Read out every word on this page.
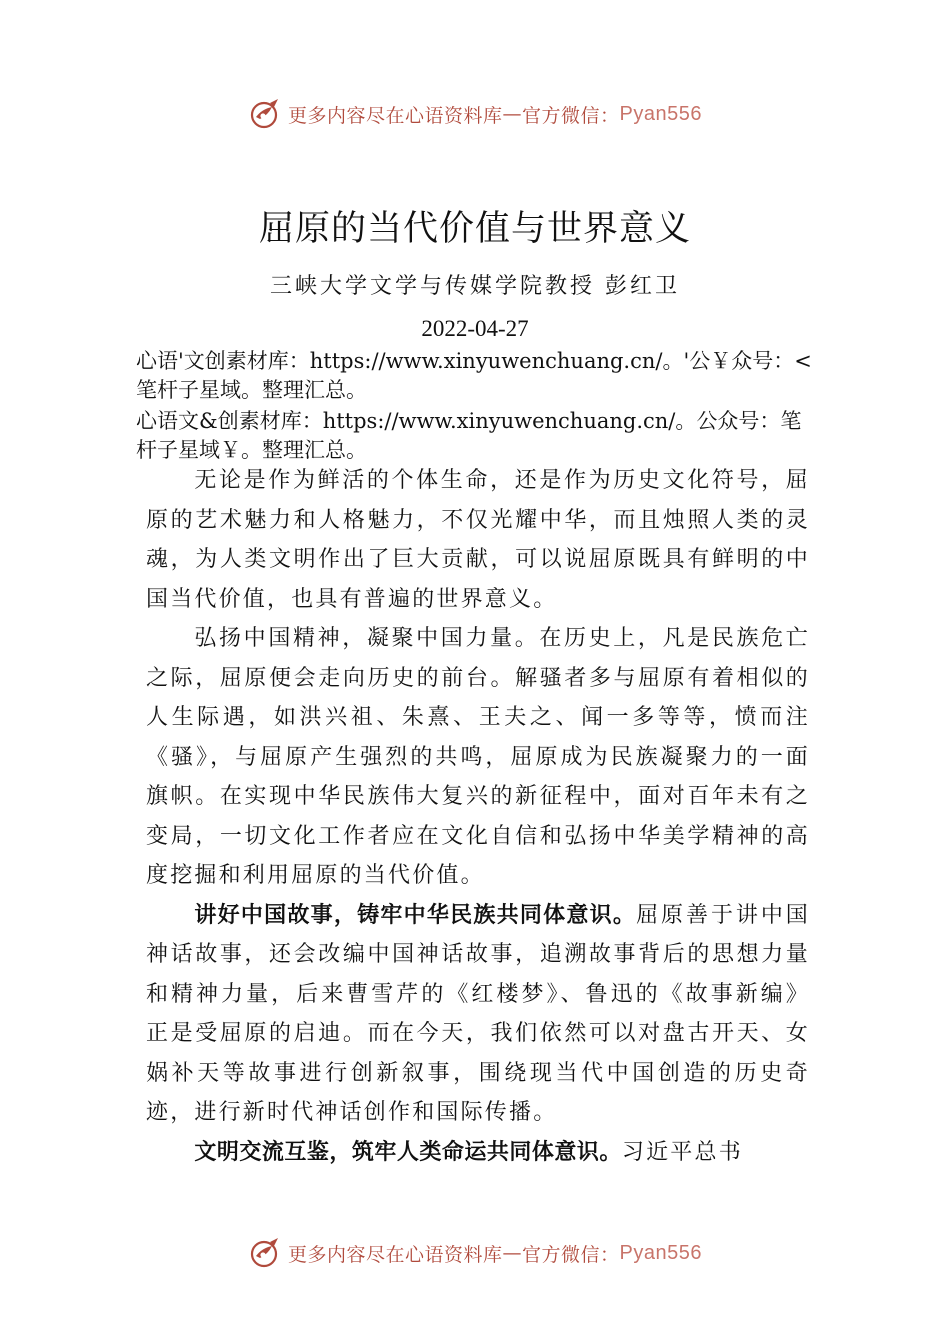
更多内容尽在心语资料库 — 官方微信： Pyan556
屈原的当代价值与世界意义
三峡大学文学与传媒学院教授 彭红卫
2022-04-27

心语'文创素材库：https://www.xinyuwenchuang.cn/。'公￥众号：<笔杆子星域。整理汇总。

心语文&创素材库：https://www.xinyuwenchuang.cn/。公众号：笔杆子星域￥。整理汇总。

无论是作为鲜活的个体生命，还是作为历史文化符号，屈原的艺术魅力和人格魅力，不仅光耀中华，而且烛照人类的灵魂，为人类文明作出了巨大贡献，可以说屈原既具有鲜明的中国当代价值，也具有普遍的世界意义。

弘扬中国精神，凝聚中国力量。在历史上，凡是民族危亡之际，屈原便会走向历史的前台。解骚者多与屈原有着相似的人生际遇，如洪兴祖、朱熹、王夫之、闻一多等等，愤而注《骚》，与屈原产生强烈的共鸣，屈原成为民族凝聚力的一面旗帜。在实现中华民族伟大复兴的新征程中，面对百年未有之变局，一切文化工作者应在文化自信和弘扬中华美学精神的高度挖掘和利用屈原的当代价值。

讲好中国故事，铸牢中华民族共同体意识。屈原善于讲中国神话故事，还会改编中国神话故事，追溯故事背后的思想力量和精神力量，后来曹雪芹的《红楼梦》、鲁迅的《故事新编》正是受屈原的启迪。而在今天，我们依然可以对盘古开天、女娲补天等故事进行创新叙事，围绕现当代中国创造的历史奇迹，进行新时代神话创作和国际传播。

文明交流互鉴，筑牢人类命运共同体意识。习近平总书

更多内容尽在心语资料库 — 官方微信： Pyan556
